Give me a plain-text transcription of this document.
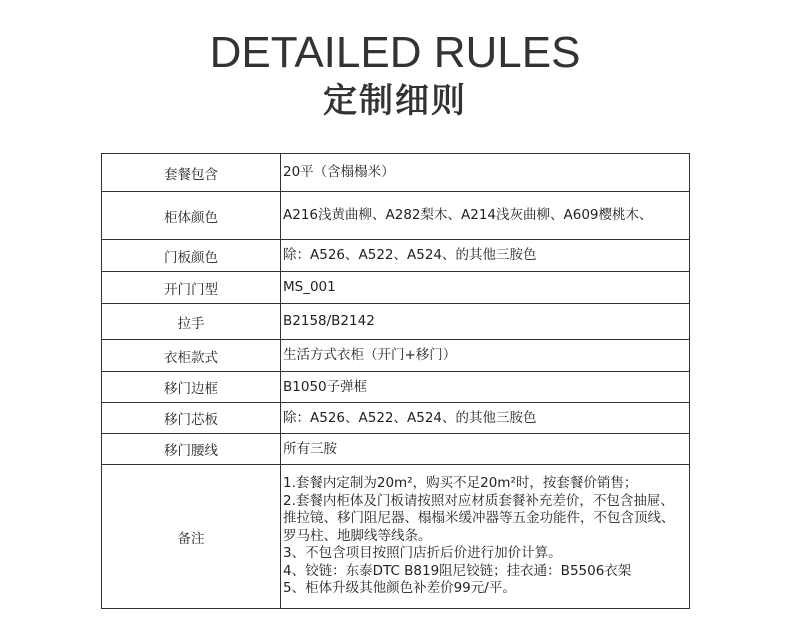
DETAILED RULES
定制细则
套餐包含	20平（含榻榻米）
柜体颜色	A216浅黄曲柳、A282梨木、A214浅灰曲柳、A609樱桃木、
门板颜色	除：A526、A522、A524、的其他三胺色
开门门型	MS_001
拉手	B2158/B2142
衣柜款式	生活方式衣柜（开门+移门）
移门边框	B1050子弹框
移门芯板	除：A526、A522、A524、的其他三胺色
移门腰线	所有三胺
备注	1.套餐内定制为20m²，购买不足20m²时，按套餐价销售；
2.套餐内柜体及门板请按照对应材质套餐补充差价，不包含抽屉、推拉镜、移门阻尼器、榻榻米缓冲器等五金功能件，不包含顶线、罗马柱、地脚线等线条。
3、不包含项目按照门店折后价进行加价计算。
4、铰链：东泰DTC B819阻尼铰链；挂衣通：B5506衣架
5、柜体升级其他颜色补差价99元/平。
